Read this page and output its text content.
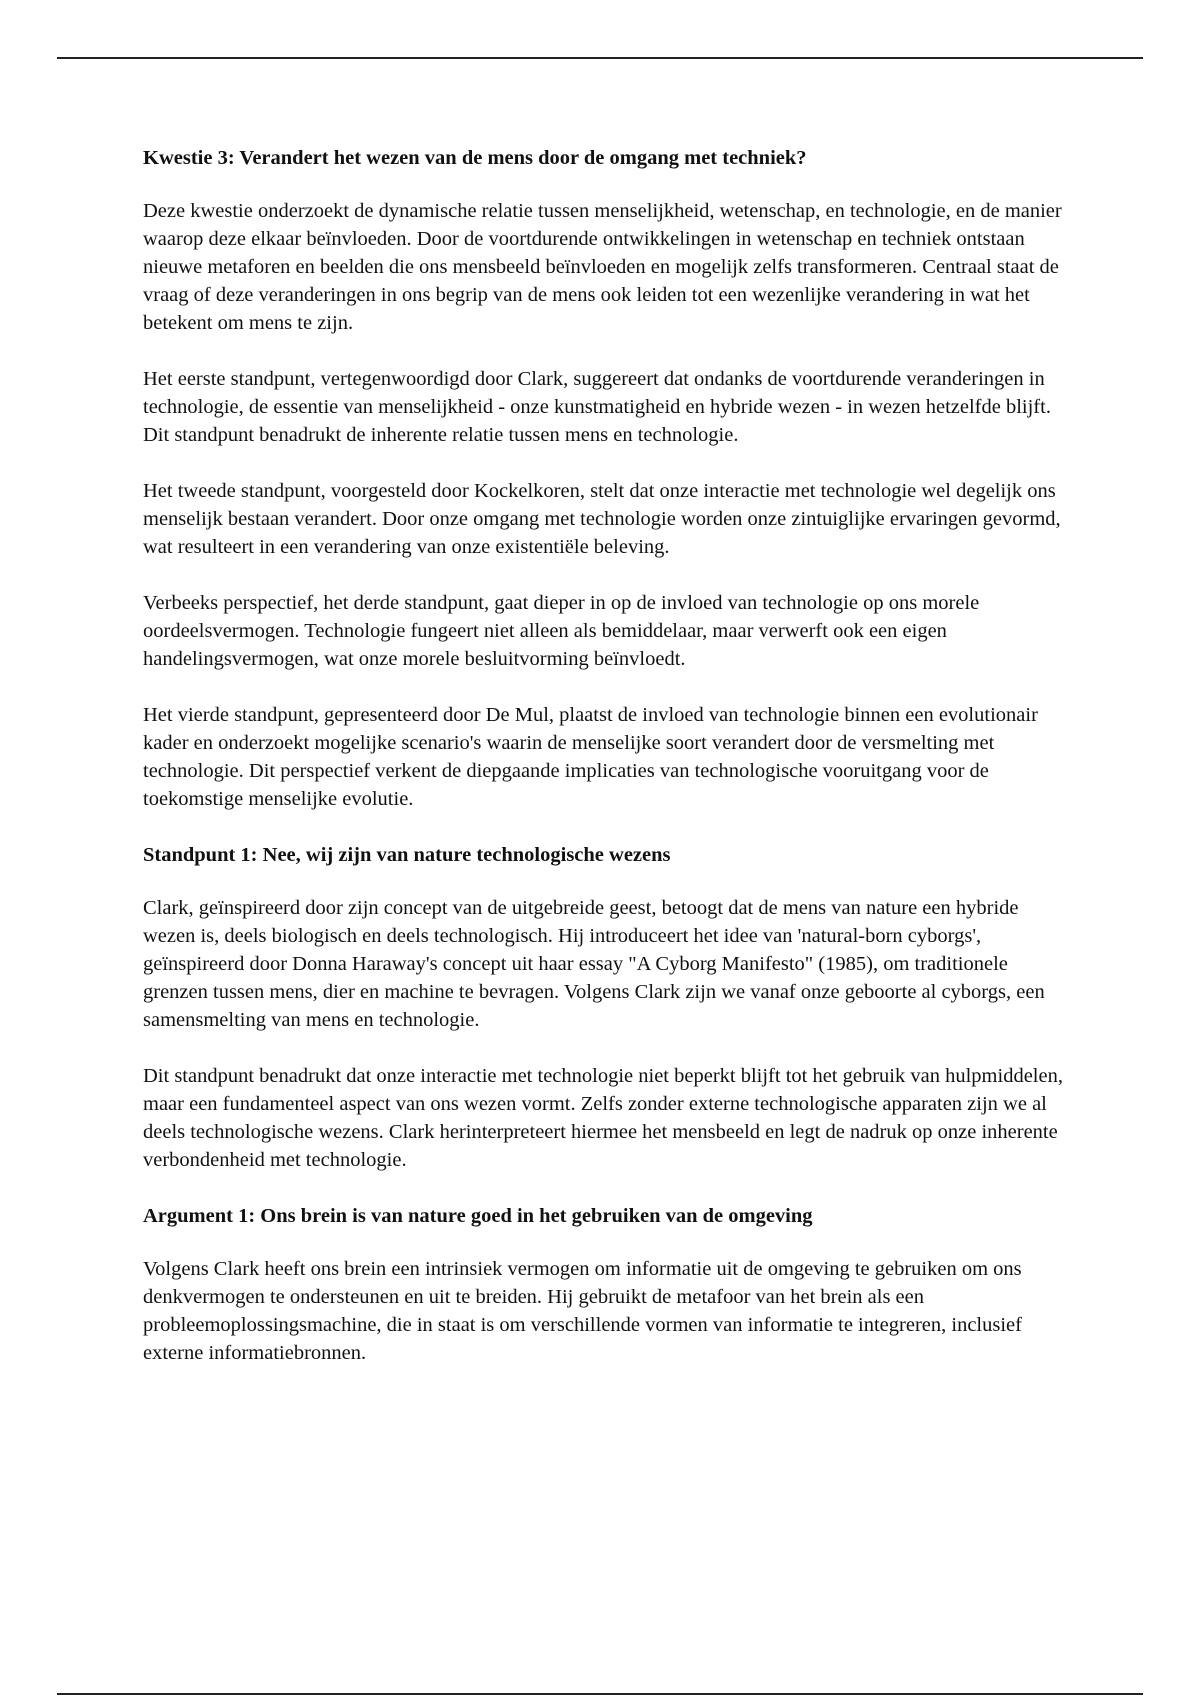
Kwestie 3: Verandert het wezen van de mens door de omgang met techniek?

Deze kwestie onderzoekt de dynamische relatie tussen menselijkheid, wetenschap, en technologie, en de manier waarop deze elkaar beïnvloeden. Door de voortdurende ontwikkelingen in wetenschap en techniek ontstaan nieuwe metaforen en beelden die ons mensbeeld beïnvloeden en mogelijk zelfs transformeren. Centraal staat de vraag of deze veranderingen in ons begrip van de mens ook leiden tot een wezenlijke verandering in wat het betekent om mens te zijn.

Het eerste standpunt, vertegenwoordigd door Clark, suggereert dat ondanks de voortdurende veranderingen in technologie, de essentie van menselijkheid - onze kunstmatigheid en hybride wezen - in wezen hetzelfde blijft. Dit standpunt benadrukt de inherente relatie tussen mens en technologie.

Het tweede standpunt, voorgesteld door Kockelkoren, stelt dat onze interactie met technologie wel degelijk ons menselijk bestaan verandert. Door onze omgang met technologie worden onze zintuiglijke ervaringen gevormd, wat resulteert in een verandering van onze existentiële beleving.

Verbeeks perspectief, het derde standpunt, gaat dieper in op de invloed van technologie op ons morele oordeelsvermogen. Technologie fungeert niet alleen als bemiddelaar, maar verwerft ook een eigen handelingsvermogen, wat onze morele besluitvorming beïnvloedt.

Het vierde standpunt, gepresenteerd door De Mul, plaatst de invloed van technologie binnen een evolutionair kader en onderzoekt mogelijke scenario's waarin de menselijke soort verandert door de versmelting met technologie. Dit perspectief verkent de diepgaande implicaties van technologische vooruitgang voor de toekomstige menselijke evolutie.

Standpunt 1: Nee, wij zijn van nature technologische wezens

Clark, geïnspireerd door zijn concept van de uitgebreide geest, betoogt dat de mens van nature een hybride wezen is, deels biologisch en deels technologisch. Hij introduceert het idee van 'natural-born cyborgs', geïnspireerd door Donna Haraway's concept uit haar essay "A Cyborg Manifesto" (1985), om traditionele grenzen tussen mens, dier en machine te bevragen. Volgens Clark zijn we vanaf onze geboorte al cyborgs, een samensmelting van mens en technologie.

Dit standpunt benadrukt dat onze interactie met technologie niet beperkt blijft tot het gebruik van hulpmiddelen, maar een fundamenteel aspect van ons wezen vormt. Zelfs zonder externe technologische apparaten zijn we al deels technologische wezens. Clark herinterpreteert hiermee het mensbeeld en legt de nadruk op onze inherente verbondenheid met technologie.

Argument 1: Ons brein is van nature goed in het gebruiken van de omgeving

Volgens Clark heeft ons brein een intrinsiek vermogen om informatie uit de omgeving te gebruiken om ons denkvermogen te ondersteunen en uit te breiden. Hij gebruikt de metafoor van het brein als een probleemoplossingsmachine, die in staat is om verschillende vormen van informatie te integreren, inclusief externe informatiebronnen.
